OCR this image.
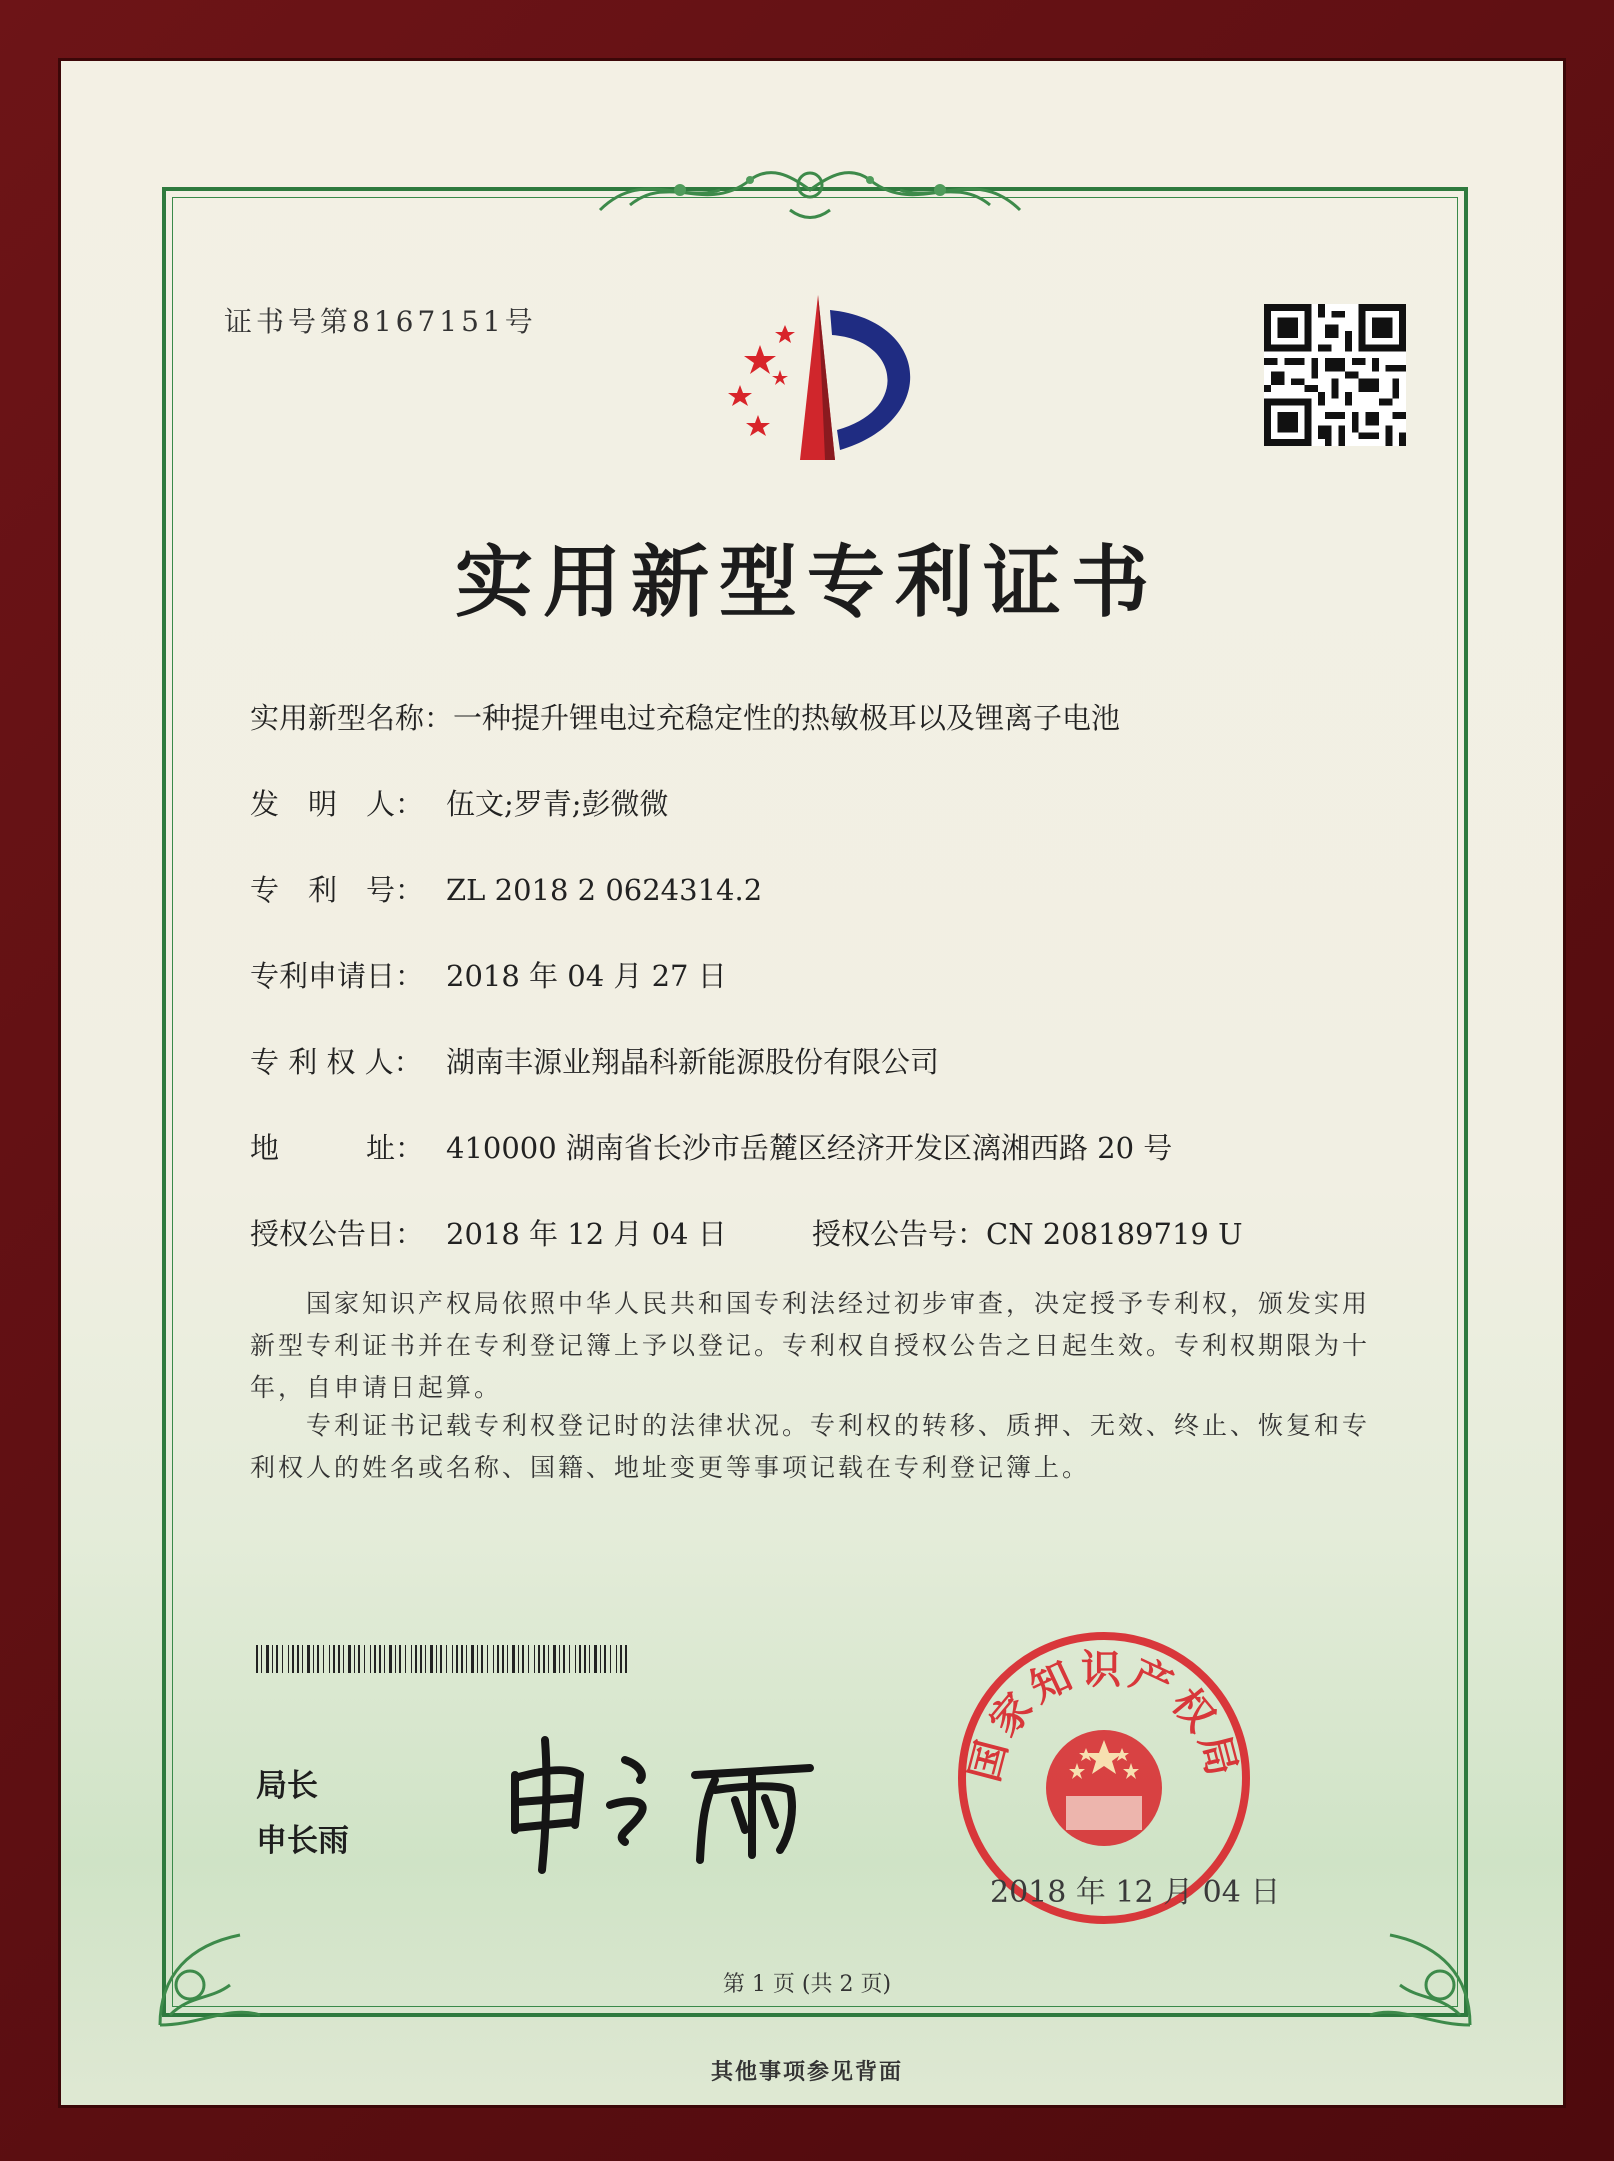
证书号第8167151号
实用新型专利证书
实用新型名称：一种提升锂电过充稳定性的热敏极耳以及锂离子电池
发　明　人： 伍文;罗青;彭微微
专　利　号： ZL 2018 2 0624314.2
专利申请日： 2018 年 04 月 27 日
专 利 权 人： 湖南丰源业翔晶科新能源股份有限公司
地　　　址： 410000 湖南省长沙市岳麓区经济开发区漓湘西路 20 号
授权公告日： 2018 年 12 月 04 日	授权公告号：CN 208189719 U
国家知识产权局依照中华人民共和国专利法经过初步审查，决定授予专利权，颁发实用新型专利证书并在专利登记簿上予以登记。专利权自授权公告之日起生效。专利权期限为十年，自申请日起算。
专利证书记载专利权登记时的法律状况。专利权的转移、质押、无效、终止、恢复和专利权人的姓名或名称、国籍、地址变更等事项记载在专利登记簿上。
局长
申长雨
国家知识产权局
2018 年 12 月 04 日
第 1 页 (共 2 页)
其他事项参见背面
